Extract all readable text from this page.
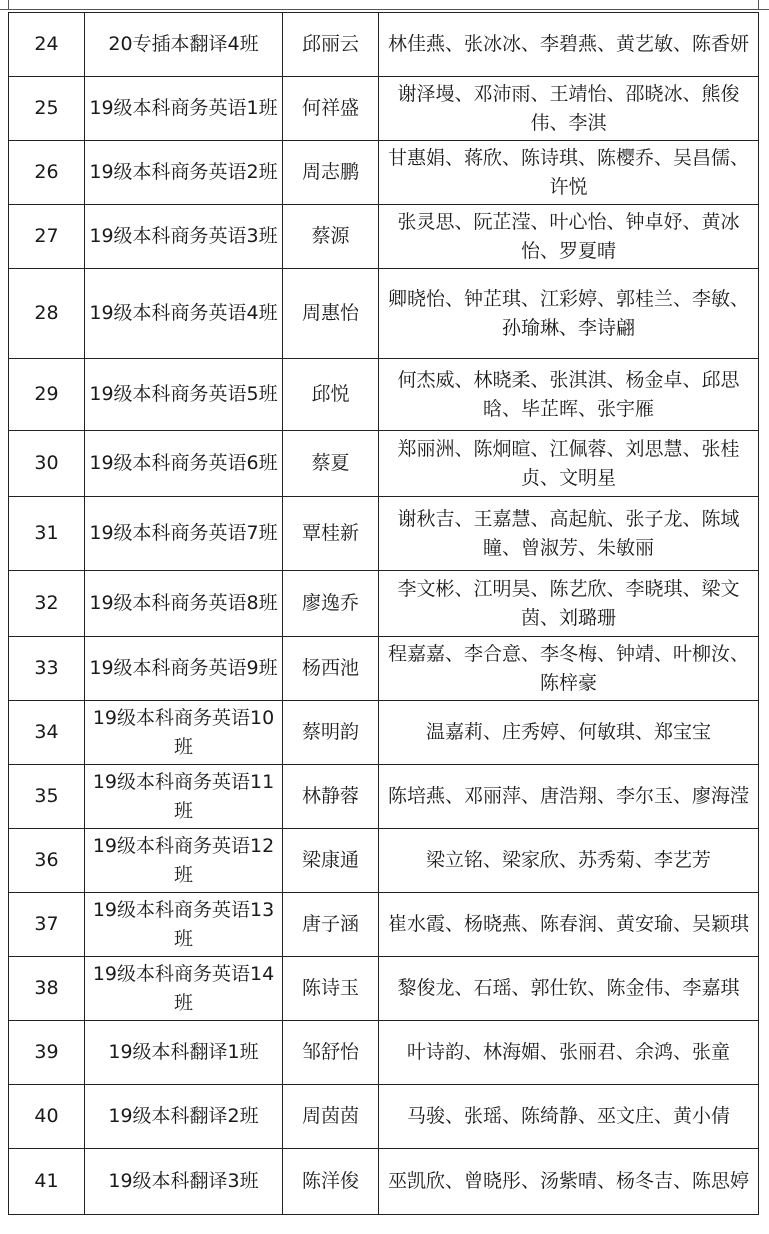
24	20专插本翻译4班	邱丽云	林佳燕、张冰冰、李碧燕、黄艺敏、陈香妍
25	19级本科商务英语1班	何祥盛	谢泽墁、邓沛雨、王靖怡、邵晓冰、熊俊伟、李淇
26	19级本科商务英语2班	周志鹏	甘惠娟、蒋欣、陈诗琪、陈樱乔、吴昌儒、许悦
27	19级本科商务英语3班	蔡源	张灵思、阮芷滢、叶心怡、钟卓妤、黄冰怡、罗夏晴
28	19级本科商务英语4班	周惠怡	卿晓怡、钟芷琪、江彩婷、郭桂兰、李敏、孙瑜琳、李诗翩
29	19级本科商务英语5班	邱悦	何杰威、林晓柔、张淇淇、杨金卓、邱思晗、毕芷晖、张宇雁
30	19级本科商务英语6班	蔡夏	郑丽洲、陈炯暄、江佩蓉、刘思慧、张桂贞、文明星
31	19级本科商务英语7班	覃桂新	谢秋吉、王嘉慧、高起航、张子龙、陈域瞳、曾淑芳、朱敏丽
32	19级本科商务英语8班	廖逸乔	李文彬、江明昊、陈艺欣、李晓琪、梁文茵、刘璐珊
33	19级本科商务英语9班	杨西池	程嘉嘉、李合意、李冬梅、钟靖、叶柳汝、陈梓豪
34	19级本科商务英语10班	蔡明韵	温嘉莉、庄秀婷、何敏琪、郑宝宝
35	19级本科商务英语11班	林静蓉	陈培燕、邓丽萍、唐浩翔、李尔玉、廖海滢
36	19级本科商务英语12班	梁康通	梁立铭、梁家欣、苏秀菊、李艺芳
37	19级本科商务英语13班	唐子涵	崔水霞、杨晓燕、陈春润、黄安瑜、吴颖琪
38	19级本科商务英语14班	陈诗玉	黎俊龙、石瑶、郭仕钦、陈金伟、李嘉琪
39	19级本科翻译1班	邹舒怡	叶诗韵、林海媚、张丽君、余鸿、张童
40	19级本科翻译2班	周茵茵	马骏、张瑶、陈绮静、巫文庄、黄小倩
41	19级本科翻译3班	陈洋俊	巫凯欣、曾晓彤、汤紫晴、杨冬吉、陈思婷
